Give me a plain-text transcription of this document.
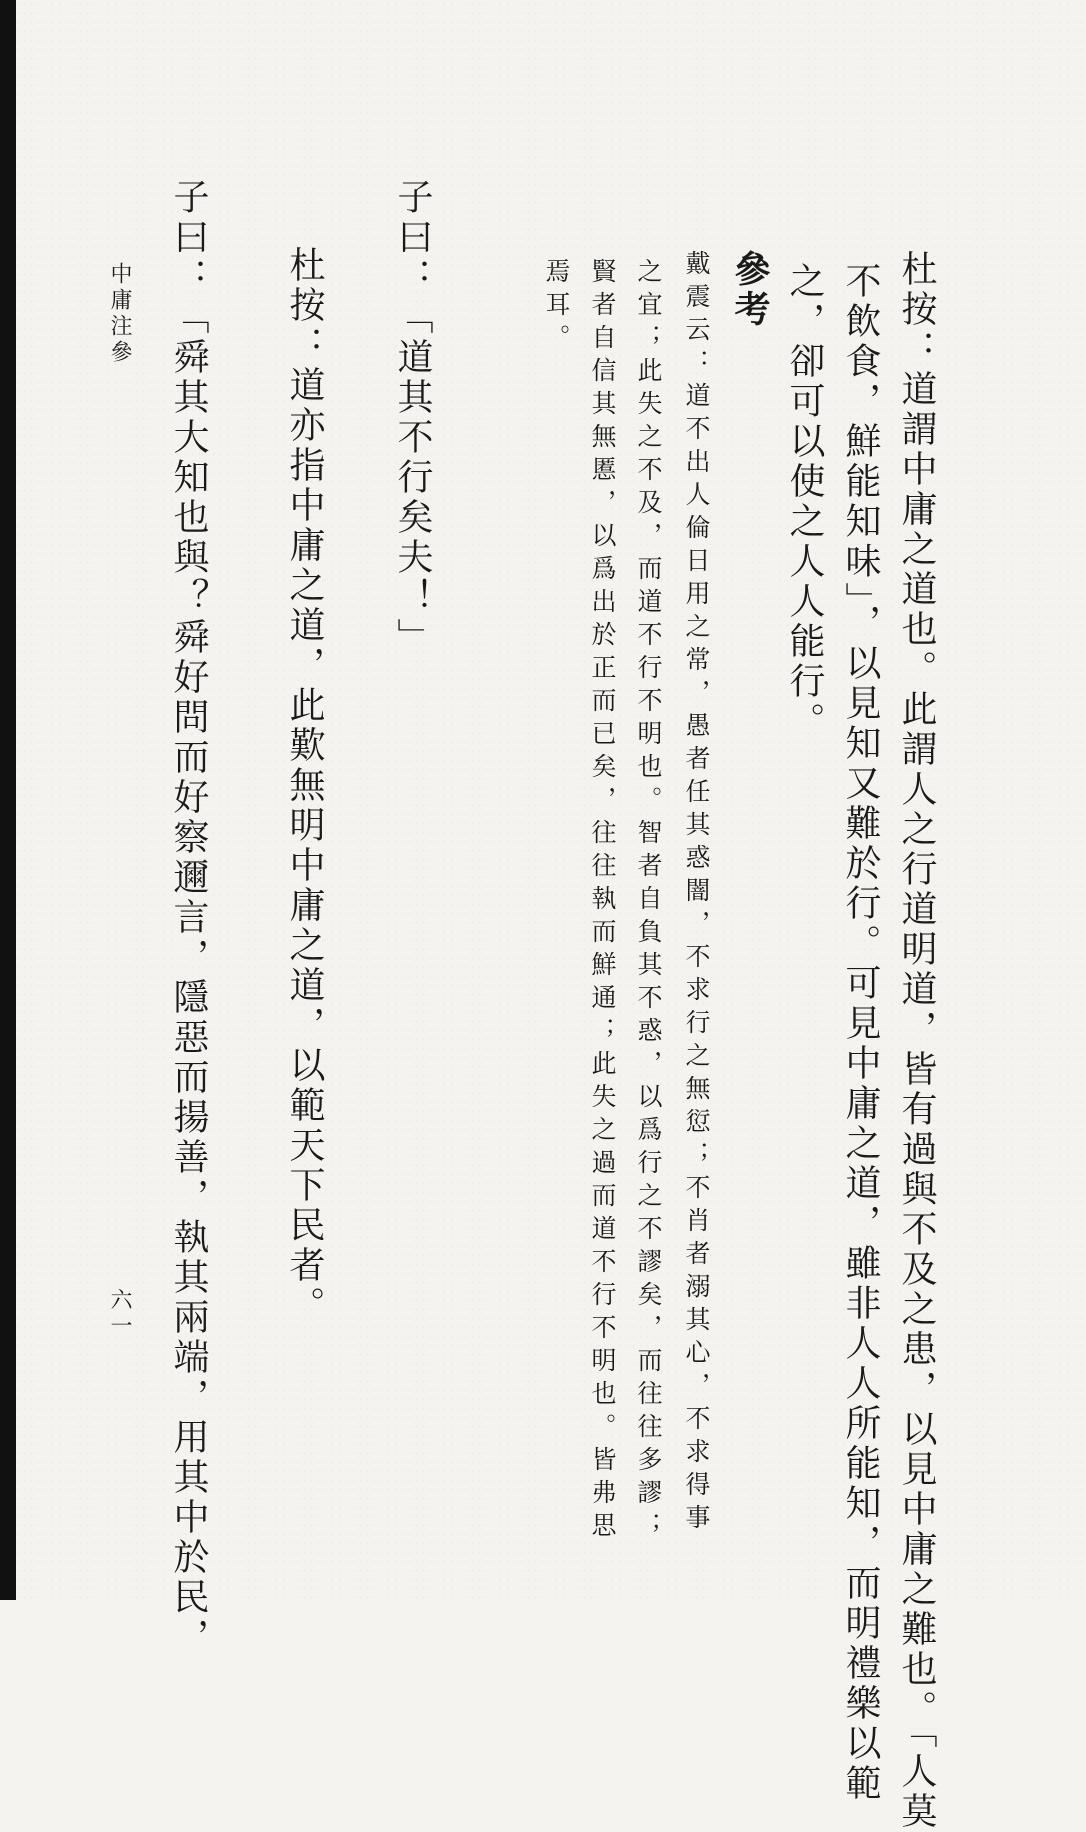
杜按：道謂中庸之道也。此謂人之行道明道，皆有過與不及之患，以見中庸之難也。「人莫
不飲食，鮮能知味」，以見知又難於行。可見中庸之道，雖非人人所能知，而明禮樂以範
之，卻可以使之人人能行。
參考
戴震云：道不出人倫日用之常，愚者任其惑闇，不求行之無愆；不肖者溺其心，不求得事
之宜；此失之不及，而道不行不明也。智者自負其不惑，以爲行之不謬矣，而往往多謬；
賢者自信其無慝，以爲出於正而已矣，往往執而鮮通；此失之過而道不行不明也。皆弗思
焉耳。
子曰：「道其不行矣夫！」
杜按：道亦指中庸之道，此歎無明中庸之道，以範天下民者。
子曰：「舜其大知也與？舜好問而好察邇言，隱惡而揚善，執其兩端，用其中於民，
中庸注參
六一
